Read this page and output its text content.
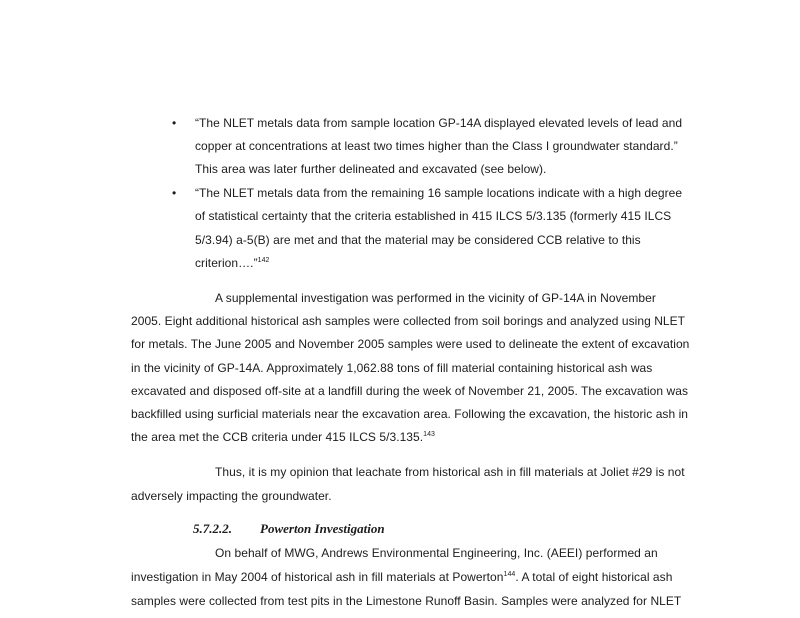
• “The NLET metals data from sample location GP-14A displayed elevated levels of lead and
copper at concentrations at least two times higher than the Class I groundwater standard.”
This area was later further delineated and excavated (see below).
• “The NLET metals data from the remaining 16 sample locations indicate with a high degree
of statistical certainty that the criteria established in 415 ILCS 5/3.135 (formerly 415 ILCS
5/3.94) a-5(B) are met and that the material may be considered CCB relative to this
criterion….”$^{142}$
A supplemental investigation was performed in the vicinity of GP-14A in November
2005. Eight additional historical ash samples were collected from soil borings and analyzed using NLET
for metals. The June 2005 and November 2005 samples were used to delineate the extent of excavation
in the vicinity of GP-14A. Approximately 1,062.88 tons of fill material containing historical ash was
excavated and disposed off-site at a landfill during the week of November 21, 2005. The excavation was
backfilled using surficial materials near the excavation area. Following the excavation, the historic ash in
the area met the CCB criteria under 415 ILCS 5/3.135.$^{143}$
Thus, it is my opinion that leachate from historical ash in fill materials at Joliet #29 is not
adversely impacting the groundwater.
5.7.2.2. Powerton Investigation
On behalf of MWG, Andrews Environmental Engineering, Inc. (AEEI) performed an
investigation in May 2004 of historical ash in fill materials at Powerton$^{144}$. A total of eight historical ash
samples were collected from test pits in the Limestone Runoff Basin. Samples were analyzed for NLET
